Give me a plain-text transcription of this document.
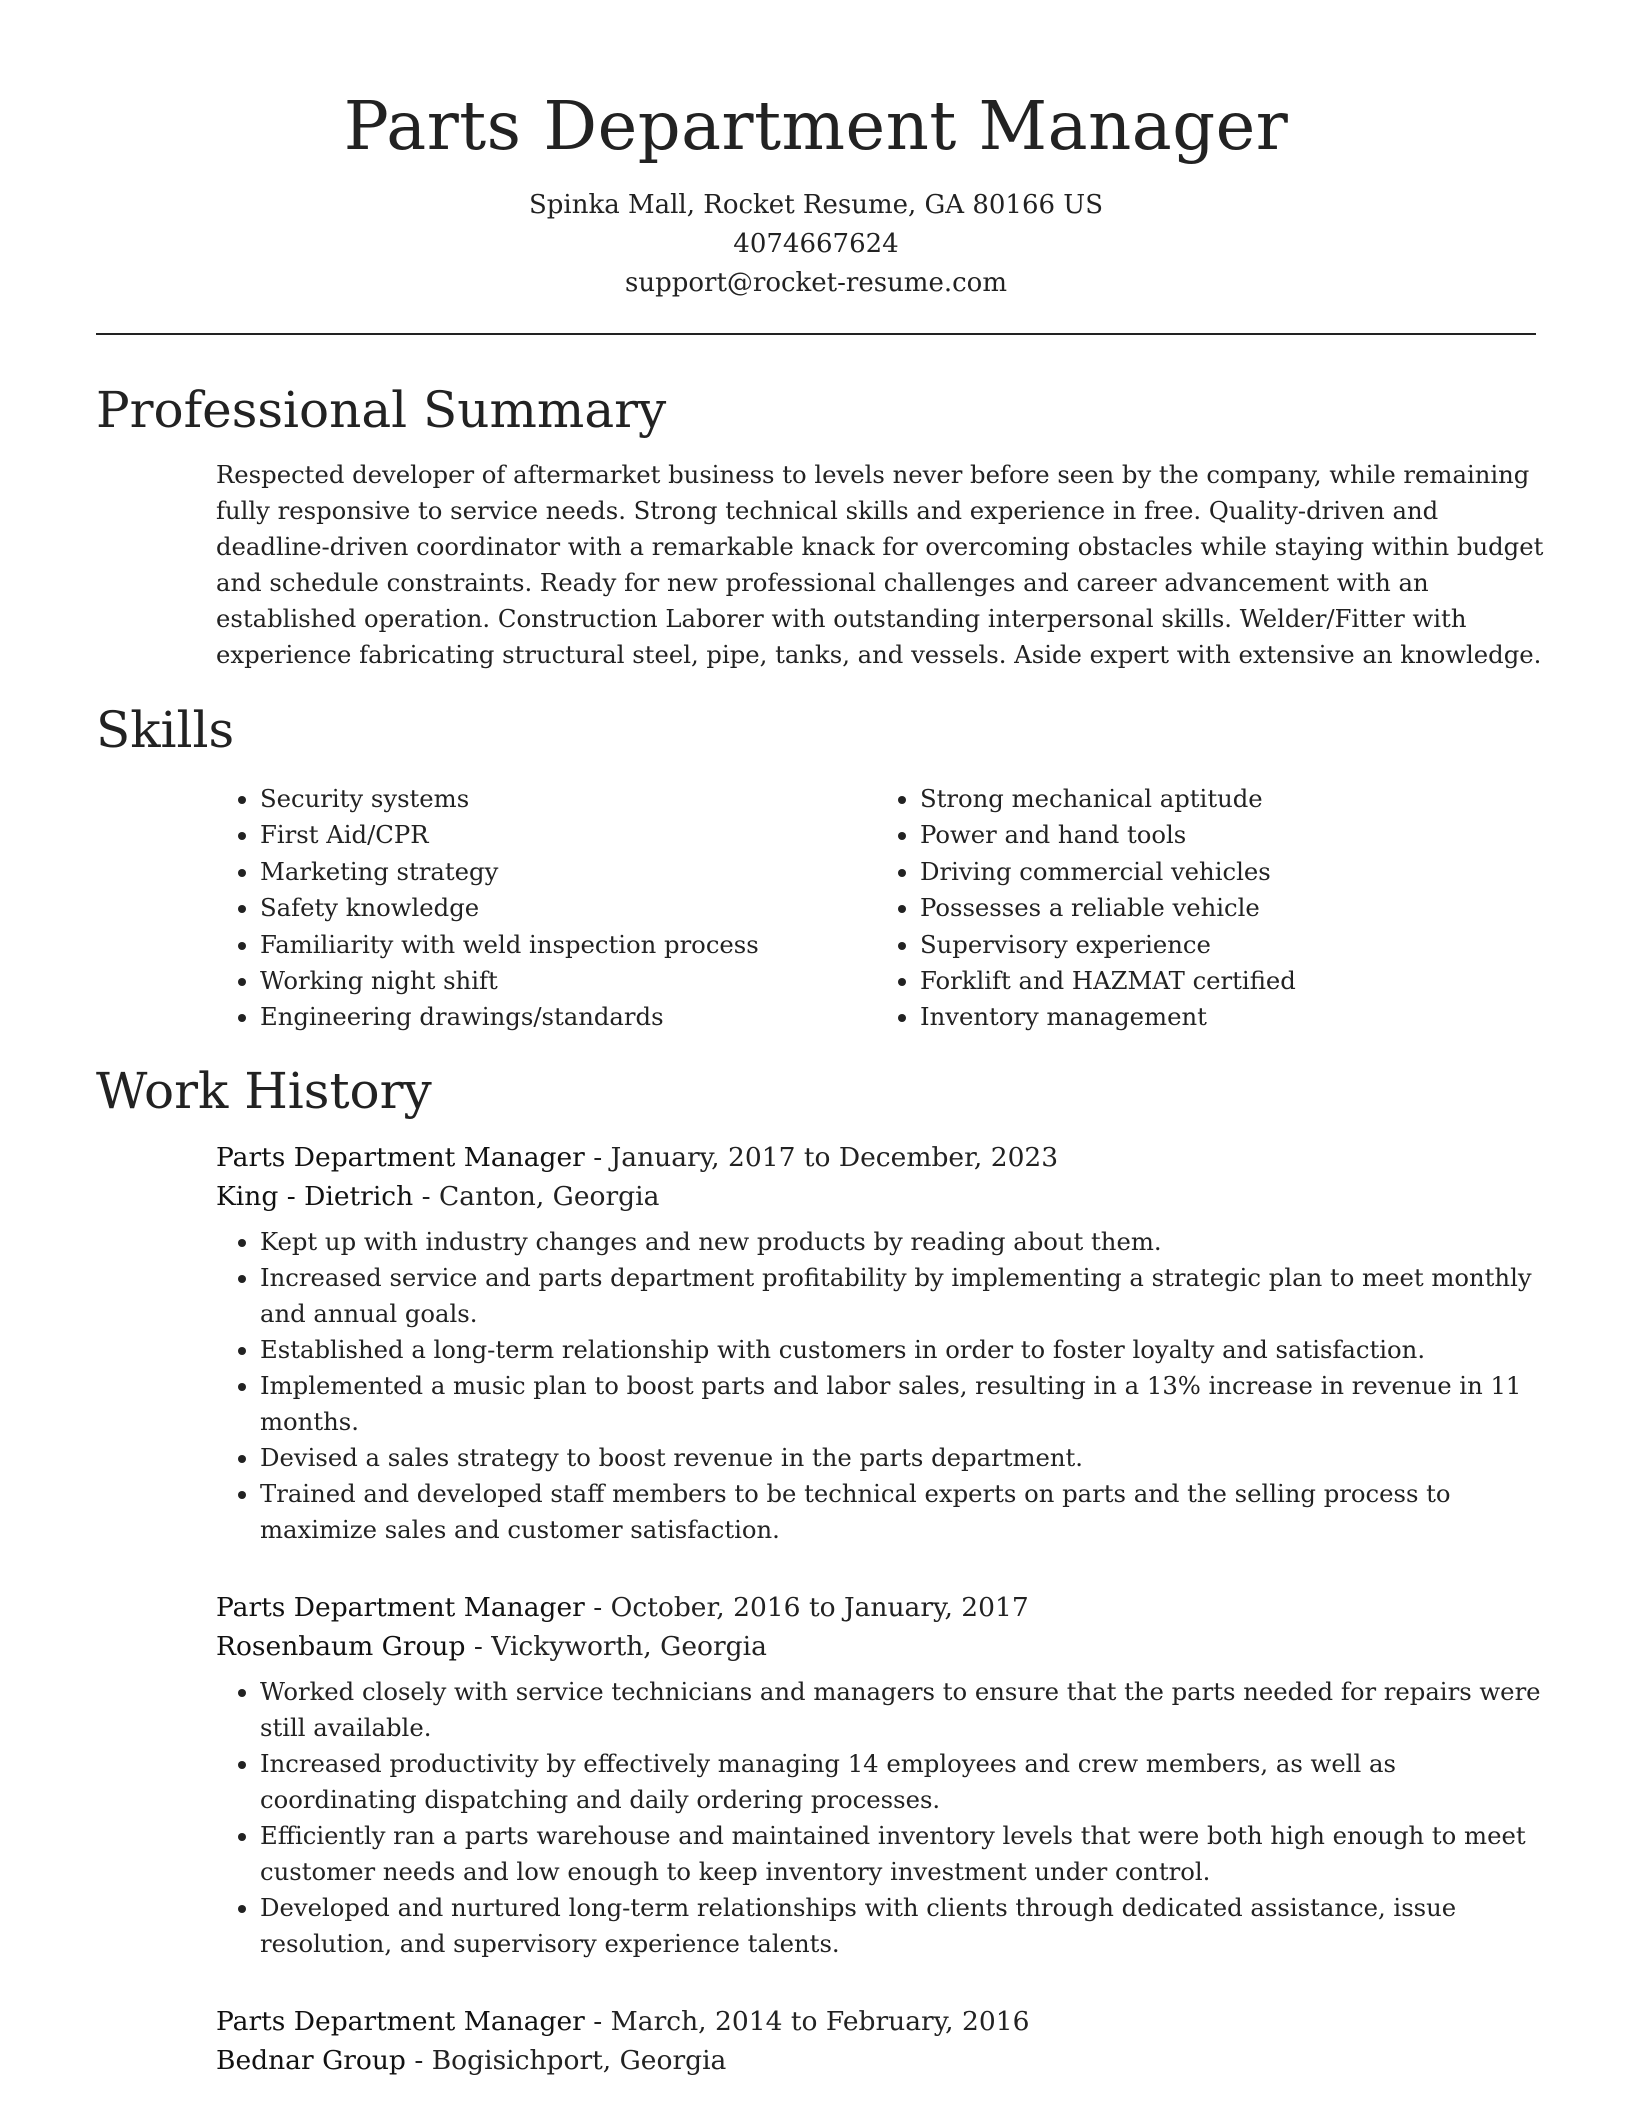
Parts Department Manager
Spinka Mall, Rocket Resume, GA 80166 US
4074667624
support@rocket-resume.com
Professional Summary

Respected developer of aftermarket business to levels never before seen by the company, while remaining fully responsive to service needs. Strong technical skills and experience in free. Quality-driven and deadline-driven coordinator with a remarkable knack for overcoming obstacles while staying within budget and schedule constraints. Ready for new professional challenges and career advancement with an established operation. Construction Laborer with outstanding interpersonal skills. Welder/Fitter with experience fabricating structural steel, pipe, tanks, and vessels. Aside expert with extensive an knowledge.

Skills
• Security systems
• First Aid/CPR
• Marketing strategy
• Safety knowledge
• Familiarity with weld inspection process
• Working night shift
• Engineering drawings/standards
• Strong mechanical aptitude
• Power and hand tools
• Driving commercial vehicles
• Possesses a reliable vehicle
• Supervisory experience
• Forklift and HAZMAT certified
• Inventory management
Work History
Parts Department Manager - January, 2017 to December, 2023
King - Dietrich - Canton, Georgia
• Kept up with industry changes and new products by reading about them.
• Increased service and parts department profitability by implementing a strategic plan to meet monthly and annual goals.
• Established a long-term relationship with customers in order to foster loyalty and satisfaction.
• Implemented a music plan to boost parts and labor sales, resulting in a 13% increase in revenue in 11 months.
• Devised a sales strategy to boost revenue in the parts department.
• Trained and developed staff members to be technical experts on parts and the selling process to maximize sales and customer satisfaction.
Parts Department Manager - October, 2016 to January, 2017
Rosenbaum Group - Vickyworth, Georgia
• Worked closely with service technicians and managers to ensure that the parts needed for repairs were still available.
• Increased productivity by effectively managing 14 employees and crew members, as well as coordinating dispatching and daily ordering processes.
• Efficiently ran a parts warehouse and maintained inventory levels that were both high enough to meet customer needs and low enough to keep inventory investment under control.
• Developed and nurtured long-term relationships with clients through dedicated assistance, issue resolution, and supervisory experience talents.
Parts Department Manager - March, 2014 to February, 2016
Bednar Group - Bogisichport, Georgia
